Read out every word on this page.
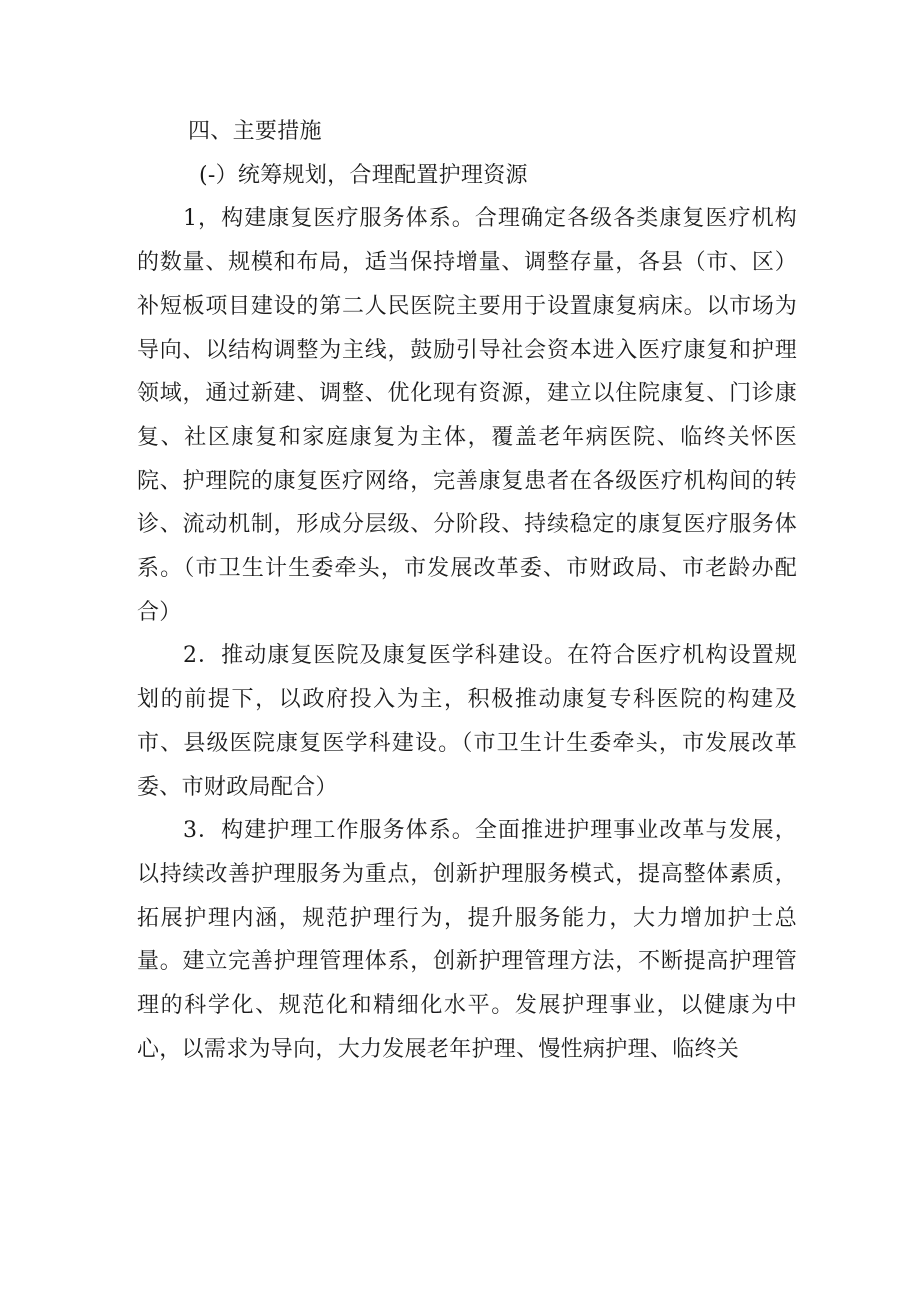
四、主要措施

(-）统筹规划，合理配置护理资源

1，构建康复医疗服务体系。合理确定各级各类康复医疗机构的数量、规模和布局，适当保持增量、调整存量，各县（市、区）补短板项目建设的第二人民医院主要用于设置康复病床。以市场为导向、以结构调整为主线，鼓励引导社会资本进入医疗康复和护理领域，通过新建、调整、优化现有资源，建立以住院康复、门诊康复、社区康复和家庭康复为主体，覆盖老年病医院、临终关怀医院、护理院的康复医疗网络，完善康复患者在各级医疗机构间的转诊、流动机制，形成分层级、分阶段、持续稳定的康复医疗服务体系。（市卫生计生委牵头，市发展改革委、市财政局、市老龄办配合）

2．推动康复医院及康复医学科建设。在符合医疗机构设置规划的前提下，以政府投入为主，积极推动康复专科医院的构建及市、县级医院康复医学科建设。（市卫生计生委牵头，市发展改革委、市财政局配合）

3．构建护理工作服务体系。全面推进护理事业改革与发展，以持续改善护理服务为重点，创新护理服务模式，提高整体素质，拓展护理内涵，规范护理行为，提升服务能力，大力增加护士总量。建立完善护理管理体系，创新护理管理方法，不断提高护理管理的科学化、规范化和精细化水平。发展护理事业，以健康为中心，以需求为导向，大力发展老年护理、慢性病护理、临终关
